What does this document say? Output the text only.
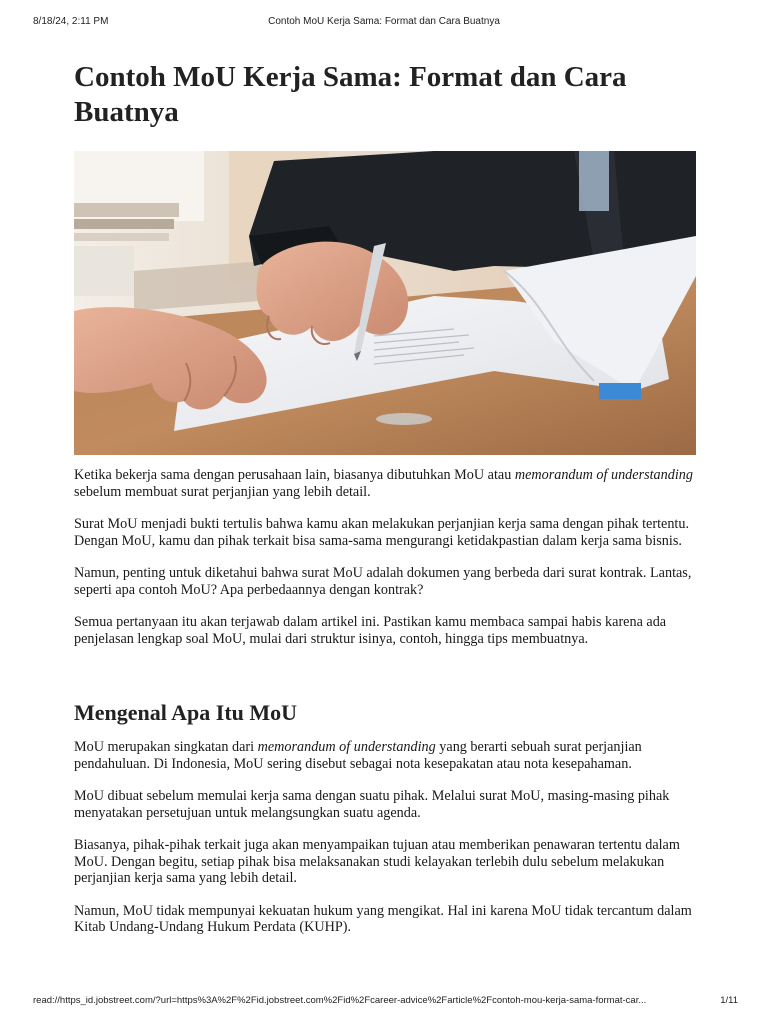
8/18/24, 2:11 PM	Contoh MoU Kerja Sama: Format dan Cara Buatnya
Contoh MoU Kerja Sama: Format dan Cara Buatnya

Ketika bekerja sama dengan perusahaan lain, biasanya dibutuhkan MoU atau memorandum of understanding sebelum membuat surat perjanjian yang lebih detail.

Surat MoU menjadi bukti tertulis bahwa kamu akan melakukan perjanjian kerja sama dengan pihak tertentu. Dengan MoU, kamu dan pihak terkait bisa sama-sama mengurangi ketidakpastian dalam kerja sama bisnis.

Namun, penting untuk diketahui bahwa surat MoU adalah dokumen yang berbeda dari surat kontrak. Lantas, seperti apa contoh MoU? Apa perbedaannya dengan kontrak?

Semua pertanyaan itu akan terjawab dalam artikel ini. Pastikan kamu membaca sampai habis karena ada penjelasan lengkap soal MoU, mulai dari struktur isinya, contoh, hingga tips membuatnya.

Mengenal Apa Itu MoU

MoU merupakan singkatan dari memorandum of understanding yang berarti sebuah surat perjanjian pendahuluan. Di Indonesia, MoU sering disebut sebagai nota kesepakatan atau nota kesepahaman.

MoU dibuat sebelum memulai kerja sama dengan suatu pihak. Melalui surat MoU, masing-masing pihak menyatakan persetujuan untuk melangsungkan suatu agenda.

Biasanya, pihak-pihak terkait juga akan menyampaikan tujuan atau memberikan penawaran tertentu dalam MoU. Dengan begitu, setiap pihak bisa melaksanakan studi kelayakan terlebih dulu sebelum melakukan perjanjian kerja sama yang lebih detail.

Namun, MoU tidak mempunyai kekuatan hukum yang mengikat. Hal ini karena MoU tidak tercantum dalam Kitab Undang-Undang Hukum Perdata (KUHP).

read://https_id.jobstreet.com/?url=https%3A%2F%2Fid.jobstreet.com%2Fid%2Fcareer-advice%2Farticle%2Fcontoh-mou-kerja-sama-format-car...	1/11
